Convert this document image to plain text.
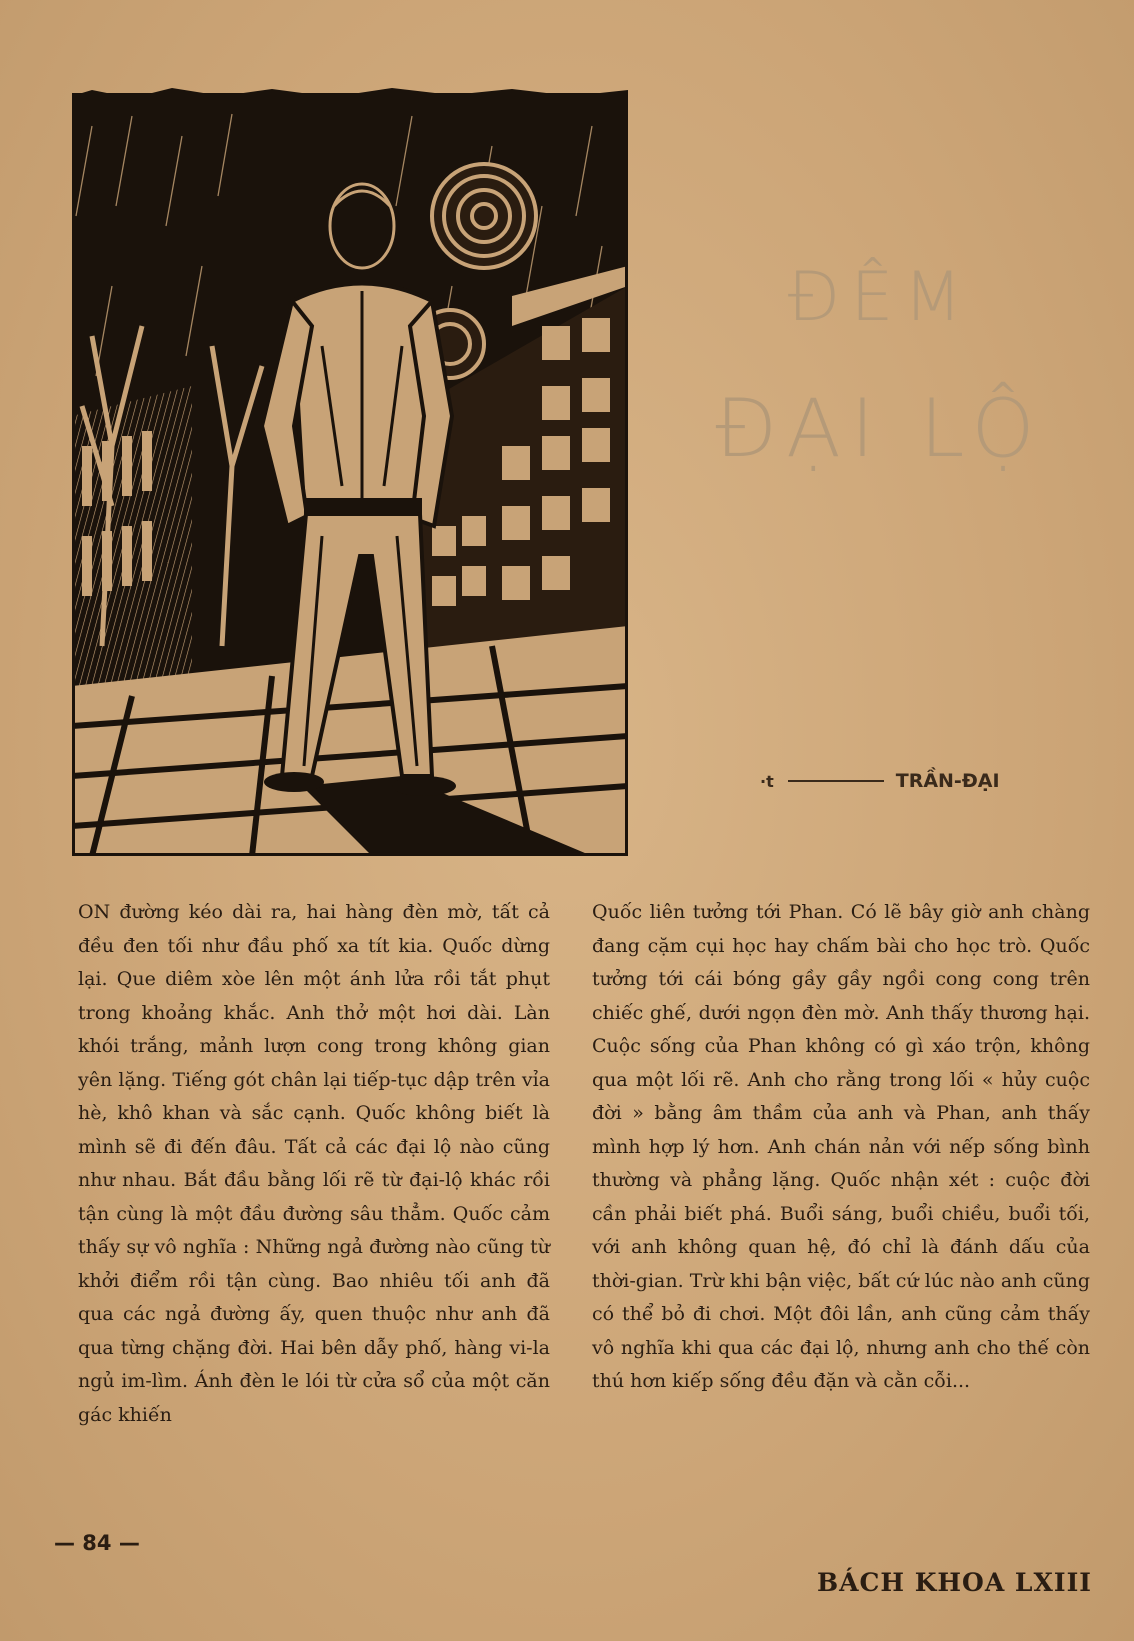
ĐÊM
ĐẠI LỘ
·t	TRẦN-ĐẠI

ON đường kéo dài ra, hai hàng đèn mờ, tất cả đều đen tối như đầu phố xa tít kia. Quốc dừng lại. Que diêm xòe lên một ánh lửa rồi tắt phụt trong khoảng khắc. Anh thở một hơi dài. Làn khói trắng, mảnh lượn cong trong không gian yên lặng. Tiếng gót chân lại tiếp-tục dập trên vỉa hè, khô khan và sắc cạnh. Quốc không biết là mình sẽ đi đến đâu. Tất cả các đại lộ nào cũng như nhau. Bắt đầu bằng lối rẽ từ đại-lộ khác rồi tận cùng là một đầu đường sâu thẳm. Quốc cảm thấy sự vô nghĩa : Những ngả đường nào cũng từ khởi điểm rồi tận cùng. Bao nhiêu tối anh đã qua các ngả đường ấy, quen thuộc như anh đã qua từng chặng đời. Hai bên dẫy phố, hàng vi-la ngủ im-lìm. Ánh đèn le lói từ cửa sổ của một căn gác khiến

Quốc liên tưởng tới Phan. Có lẽ bây giờ anh chàng đang cặm cụi học hay chấm bài cho học trò. Quốc tưởng tới cái bóng gầy gầy ngồi cong cong trên chiếc ghế, dưới ngọn đèn mờ. Anh thấy thương hại. Cuộc sống của Phan không có gì xáo trộn, không qua một lối rẽ. Anh cho rằng trong lối « hủy cuộc đời » bằng âm thầm của anh và Phan, anh thấy mình hợp lý hơn. Anh chán nản với nếp sống bình thường và phẳng lặng. Quốc nhận xét : cuộc đời cần phải biết phá. Buổi sáng, buổi chiều, buổi tối, với anh không quan hệ, đó chỉ là đánh dấu của thời-gian. Trừ khi bận việc, bất cứ lúc nào anh cũng có thể bỏ đi chơi. Một đôi lần, anh cũng cảm thấy vô nghĩa khi qua các đại lộ, nhưng anh cho thế còn thú hơn kiếp sống đều đặn và cằn cỗi...

— 84 —
BÁCH KHOA LXIII
